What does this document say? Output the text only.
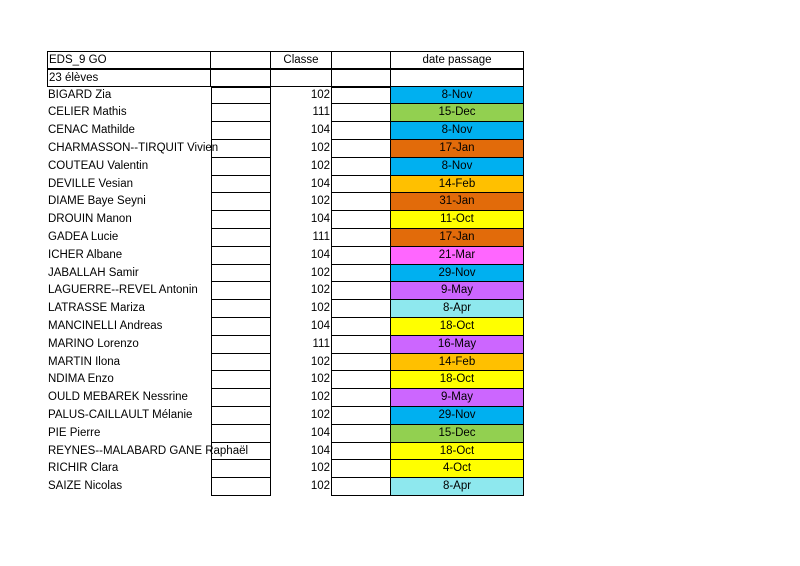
EDS_9 GO	Classe	date passage
23 élèves
BIGARD Zia	102	8-Nov
CELIER Mathis	111	15-Dec
CENAC Mathilde	104	8-Nov
CHARMASSON--TIRQUIT Vivien	102	17-Jan
COUTEAU Valentin	102	8-Nov
DEVILLE Vesian	104	14-Feb
DIAME Baye Seyni	102	31-Jan
DROUIN Manon	104	11-Oct
GADEA Lucie	111	17-Jan
ICHER Albane	104	21-Mar
JABALLAH Samir	102	29-Nov
LAGUERRE--REVEL Antonin	102	9-May
LATRASSE Mariza	102	8-Apr
MANCINELLI Andreas	104	18-Oct
MARINO Lorenzo	111	16-May
MARTIN Ilona	102	14-Feb
NDIMA Enzo	102	18-Oct
OULD MEBAREK Nessrine	102	9-May
PALUS-CAILLAULT Mélanie	102	29-Nov
PIE Pierre	104	15-Dec
REYNES--MALABARD GANE Raphaël	104	18-Oct
RICHIR Clara	102	4-Oct
SAIZE Nicolas	102	8-Apr
